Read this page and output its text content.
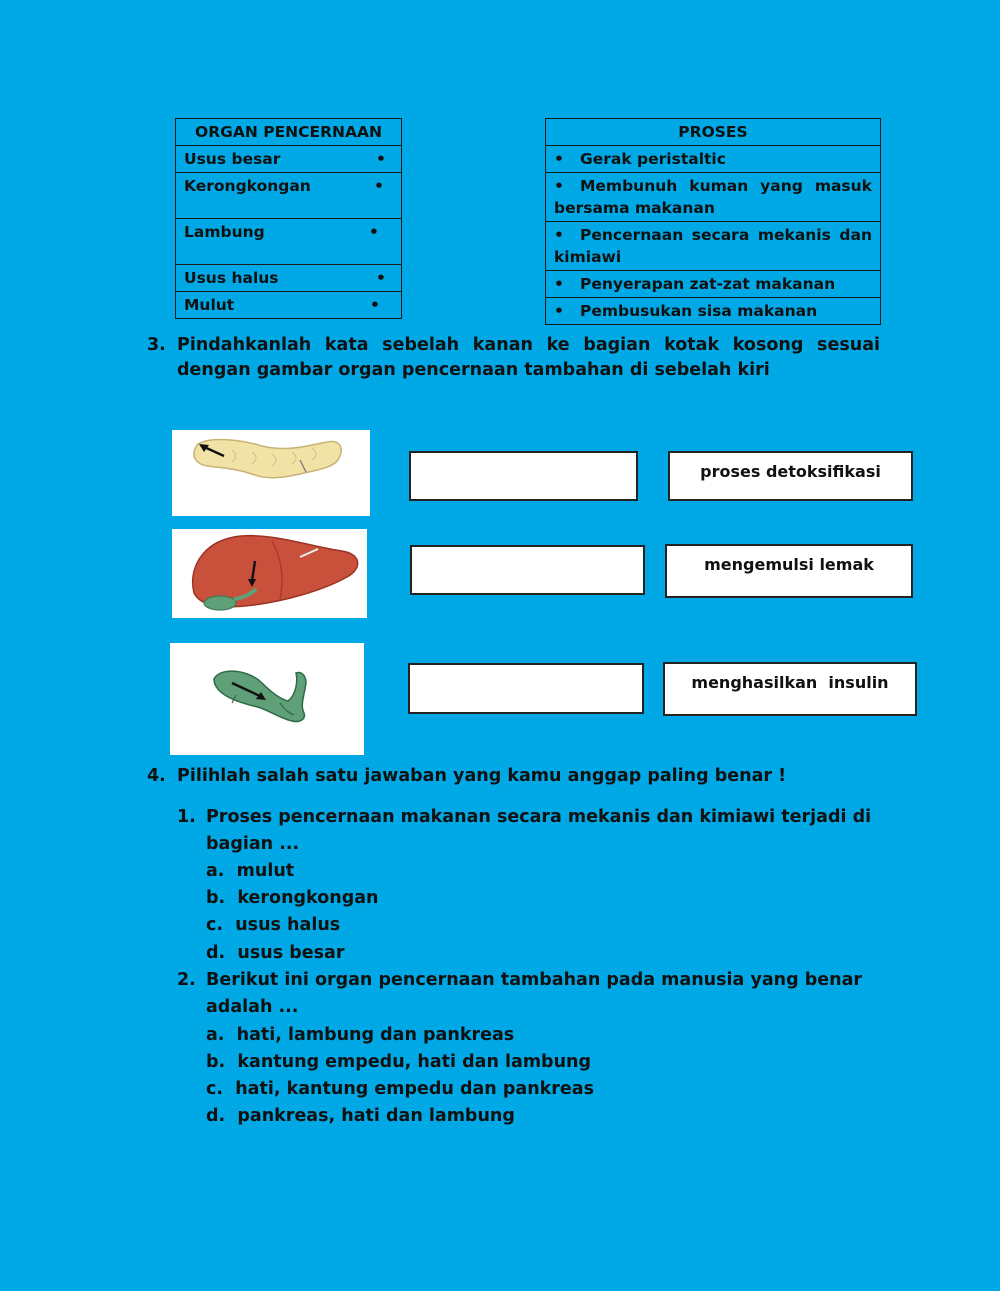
ORGAN PENCERNAAN
Usus besar	•

Kerongkongan	•

Lambung	•

Usus halus	•

Mulut	•
PROSES
• Gerak peristaltic
• Membunuh kuman yang masuk bersama makanan
• Pencernaan secara mekanis dan kimiawi
• Penyerapan zat-zat makanan
• Pembusukan sisa makanan
3. Pindahkanlah kata sebelah kanan ke bagian kotak kosong sesuai
dengan gambar organ pencernaan tambahan di sebelah kiri
proses detoksifikasi
mengemulsi lemak
menghasilkan  insulin
4. Pilihlah salah satu jawaban yang kamu anggap paling benar !
1. Proses pencernaan makanan secara mekanis dan kimiawi terjadi di
bagian ...
a. mulut
b. kerongkongan
c. usus halus
d. usus besar
2. Berikut ini organ pencernaan tambahan pada manusia yang benar
adalah ...
a. hati, lambung dan pankreas
b. kantung empedu, hati dan lambung
c. hati, kantung empedu dan pankreas
d. pankreas, hati dan lambung
